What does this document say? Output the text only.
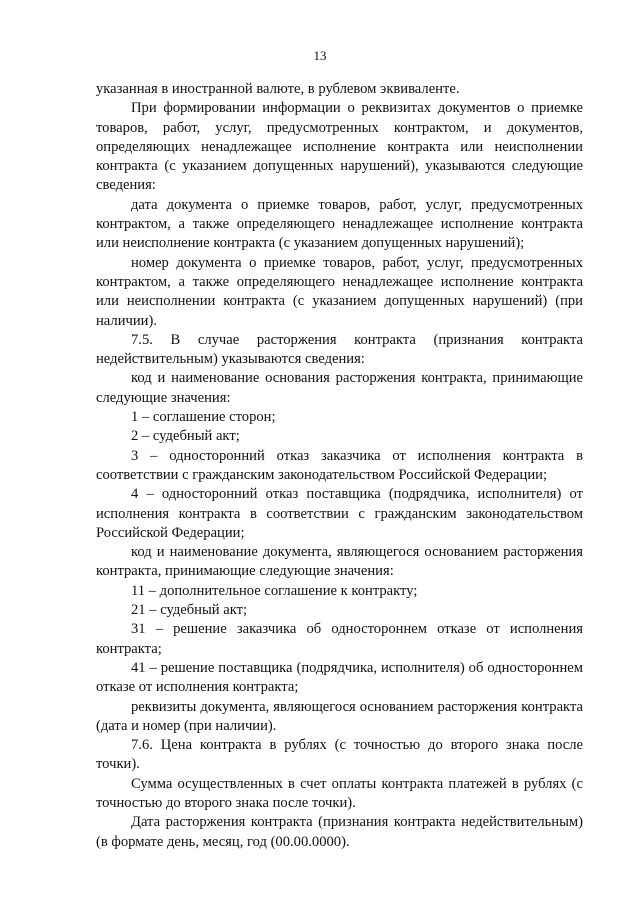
13

указанная в иностранной валюте, в рублевом эквиваленте.

При формировании информации о реквизитах документов о приемке товаров, работ, услуг, предусмотренных контрактом, и документов, определяющих ненадлежащее исполнение контракта или неисполнении контракта (с указанием допущенных нарушений), указываются следующие сведения:

дата документа о приемке товаров, работ, услуг, предусмотренных контрактом, а также определяющего ненадлежащее исполнение контракта или неисполнение контракта (с указанием допущенных нарушений);

номер документа о приемке товаров, работ, услуг, предусмотренных контрактом, а также определяющего ненадлежащее исполнение контракта или неисполнении контракта (с указанием допущенных нарушений) (при наличии).

7.5. В случае расторжения контракта (признания контракта недействительным) указываются сведения:

код и наименование основания расторжения контракта, принимающие следующие значения:

1 – соглашение сторон;

2 – судебный акт;

3 – односторонний отказ заказчика от исполнения контракта в соответствии с гражданским законодательством Российской Федерации;

4 – односторонний отказ поставщика (подрядчика, исполнителя) от исполнения контракта в соответствии с гражданским законодательством Российской Федерации;

код и наименование документа, являющегося основанием расторжения контракта, принимающие следующие значения:

11 – дополнительное соглашение к контракту;

21 – судебный акт;

31 – решение заказчика об одностороннем отказе от исполнения контракта;

41 – решение поставщика (подрядчика, исполнителя) об одностороннем отказе от исполнения контракта;

реквизиты документа, являющегося основанием расторжения контракта (дата и номер (при наличии).

7.6. Цена контракта в рублях (с точностью до второго знака после точки).

Сумма осуществленных в счет оплаты контракта платежей в рублях (с точностью до второго знака после точки).

Дата расторжения контракта (признания контракта недействительным) (в формате день, месяц, год (00.00.0000).
